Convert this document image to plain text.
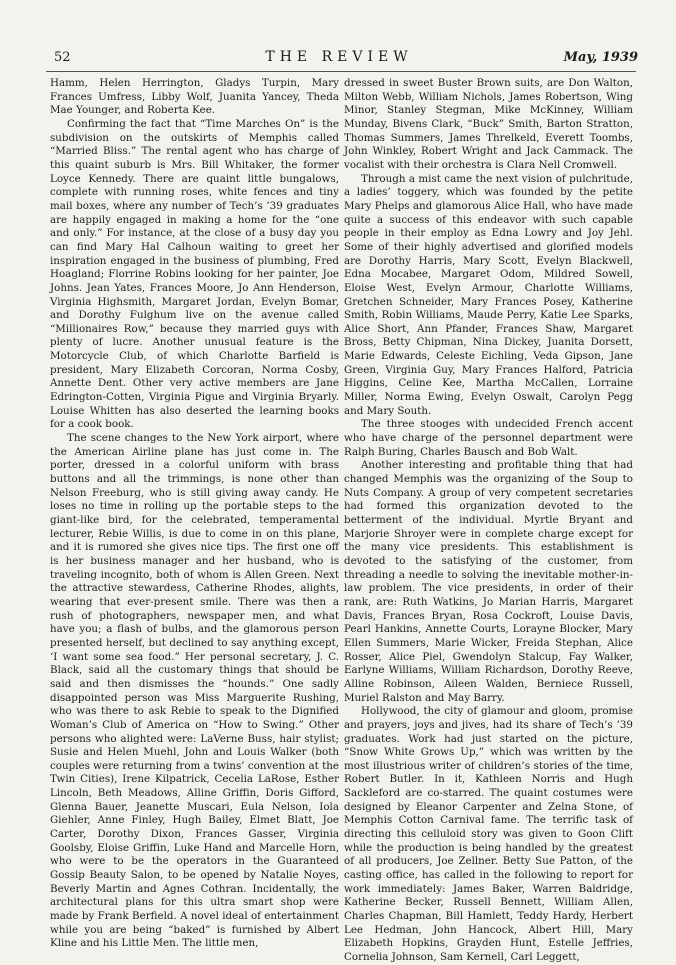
52	THE REVIEW	May, 1939

Hamm, Helen Herrington, Gladys Turpin, Mary Frances Umfress, Libby Wolf, Juanita Yancey, Theda Mae Younger, and Roberta Kee.

Confirming the fact that “Time Marches On” is the subdivision on the outskirts of Memphis called “Married Bliss.” The rental agent who has charge of this quaint suburb is Mrs. Bill Whitaker, the former Loyce Kennedy. There are quaint little bungalows, complete with running roses, white fences and tiny mail boxes, where any number of Tech’s ’39 graduates are happily engaged in making a home for the “one and only.” For instance, at the close of a busy day you can find Mary Hal Calhoun waiting to greet her inspiration engaged in the business of plumbing, Fred Hoagland; Florrine Robins looking for her painter, Joe Johns. Jean Yates, Frances Moore, Jo Ann Henderson, Virginia Highsmith, Margaret Jordan, Evelyn Bomar, and Dorothy Fulghum live on the avenue called “Millionaires Row,” because they married guys with plenty of lucre. Another unusual feature is the Motorcycle Club, of which Charlotte Barfield is president, Mary Elizabeth Corcoran, Norma Cosby, Annette Dent. Other very active members are Jane Edrington-Cotten, Virginia Pigue and Virginia Bryarly. Louise Whitten has also deserted the learning books for a cook book.

The scene changes to the New York airport, where the American Airline plane has just come in. The porter, dressed in a colorful uniform with brass buttons and all the trimmings, is none other than Nelson Freeburg, who is still giving away candy. He loses no time in rolling up the portable steps to the giant-like bird, for the celebrated, temperamental lecturer, Rebie Willis, is due to come in on this plane, and it is rumored she gives nice tips. The first one off is her business manager and her husband, who is traveling incognito, both of whom is Allen Green. Next the attractive stewardess, Catherine Rhodes, alights, wearing that ever-present smile. There was then a rush of photographers, newspaper men, and what have you; a flash of bulbs, and the glamorous person presented herself, but declined to say anything except, ‘I want some sea food.” Her personal secretary, J. C. Black, said all the customary things that should be said and then dismisses the “hounds.” One sadly disappointed person was Miss Marguerite Rushing, who was there to ask Rebie to speak to the Dignified Woman’s Club of America on “How to Swing.” Other persons who alighted were: LaVerne Buss, hair stylist; Susie and Helen Muehl, John and Louis Walker (both couples were returning from a twins’ convention at the Twin Cities), Irene Kilpatrick, Cecelia LaRose, Esther Lincoln, Beth Meadows, Alline Griffin, Doris Gifford, Glenna Bauer, Jeanette Muscari, Eula Nelson, Iola Giehler, Anne Finley, Hugh Bailey, Elmet Blatt, Joe Carter, Dorothy Dixon, Frances Gasser, Virginia Goolsby, Eloise Griffin, Luke Hand and Marcelle Horn, who were to be the operators in the Guaranteed Gossip Beauty Salon, to be opened by Natalie Noyes, Beverly Martin and Agnes Cothran. Incidentally, the architectural plans for this ultra smart shop were made by Frank Berfield. A novel ideal of entertainment while you are being “baked” is furnished by Albert Kline and his Little Men. The little men,

dressed in sweet Buster Brown suits, are Don Walton, Milton Webb, William Nichols, James Robertson, Wing Minor, Stanley Stegman, Mike McKinney, William Munday, Bivens Clark, “Buck” Smith, Barton Stratton, Thomas Summers, James Threlkeld, Everett Toombs, John Winkley, Robert Wright and Jack Cammack. The vocalist with their orchestra is Clara Nell Cromwell.

Through a mist came the next vision of pulchritude, a ladies’ toggery, which was founded by the petite Mary Phelps and glamorous Alice Hall, who have made quite a success of this endeavor with such capable people in their employ as Edna Lowry and Joy Jehl. Some of their highly advertised and glorified models are Dorothy Harris, Mary Scott, Evelyn Blackwell, Edna Mocabee, Margaret Odom, Mildred Sowell, Eloise West, Evelyn Armour, Charlotte Williams, Gretchen Schneider, Mary Frances Posey, Katherine Smith, Robin Williams, Maude Perry, Katie Lee Sparks, Alice Short, Ann Pfander, Frances Shaw, Margaret Bross, Betty Chipman, Nina Dickey, Juanita Dorsett, Marie Edwards, Celeste Eichling, Veda Gipson, Jane Green, Virginia Guy, Mary Frances Halford, Patricia Higgins, Celine Kee, Martha McCallen, Lorraine Miller, Norma Ewing, Evelyn Oswalt, Carolyn Pegg and Mary South.

The three stooges with undecided French accent who have charge of the personnel department were Ralph Buring, Charles Bausch and Bob Walt.

Another interesting and profitable thing that had changed Memphis was the organizing of the Soup to Nuts Company. A group of very competent secretaries had formed this organization devoted to the betterment of the individual. Myrtle Bryant and Marjorie Shroyer were in complete charge except for the many vice presidents. This establishment is devoted to the satisfying of the customer, from threading a needle to solving the inevitable mother-in-law problem. The vice presidents, in order of their rank, are: Ruth Watkins, Jo Marian Harris, Margaret Davis, Frances Bryan, Rosa Cockroft, Louise Davis, Pearl Hankins, Annette Courts, Lorayne Blocker, Mary Ellen Summers, Marie Wicker, Freida Stephan, Alice Rosser, Alice Piel, Gwendolyn Stalcup, Fay Walker, Earlyne Williams, William Richardson, Dorothy Reeve, Alline Robinson, Aileen Walden, Berniece Russell, Muriel Ralston and May Barry.

Hollywood, the city of glamour and gloom, promise and prayers, joys and jives, had its share of Tech’s ’39 graduates. Work had just started on the picture, “Snow White Grows Up,” which was written by the most illustrious writer of children’s stories of the time, Robert Butler. In it, Kathleen Norris and Hugh Sackleford are co-starred. The quaint costumes were designed by Eleanor Carpenter and Zelna Stone, of Memphis Cotton Carnival fame. The terrific task of directing this celluloid story was given to Goon Clift while the production is being handled by the greatest of all producers, Joe Zellner. Betty Sue Patton, of the casting office, has called in the following to report for work immediately: James Baker, Warren Baldridge, Katherine Becker, Russell Bennett, William Allen, Charles Chapman, Bill Hamlett, Teddy Hardy, Herbert Lee Hedman, John Hancock, Albert Hill, Mary Elizabeth Hopkins, Grayden Hunt, Estelle Jeffries, Cornelia Johnson, Sam Kernell, Carl Leggett,
